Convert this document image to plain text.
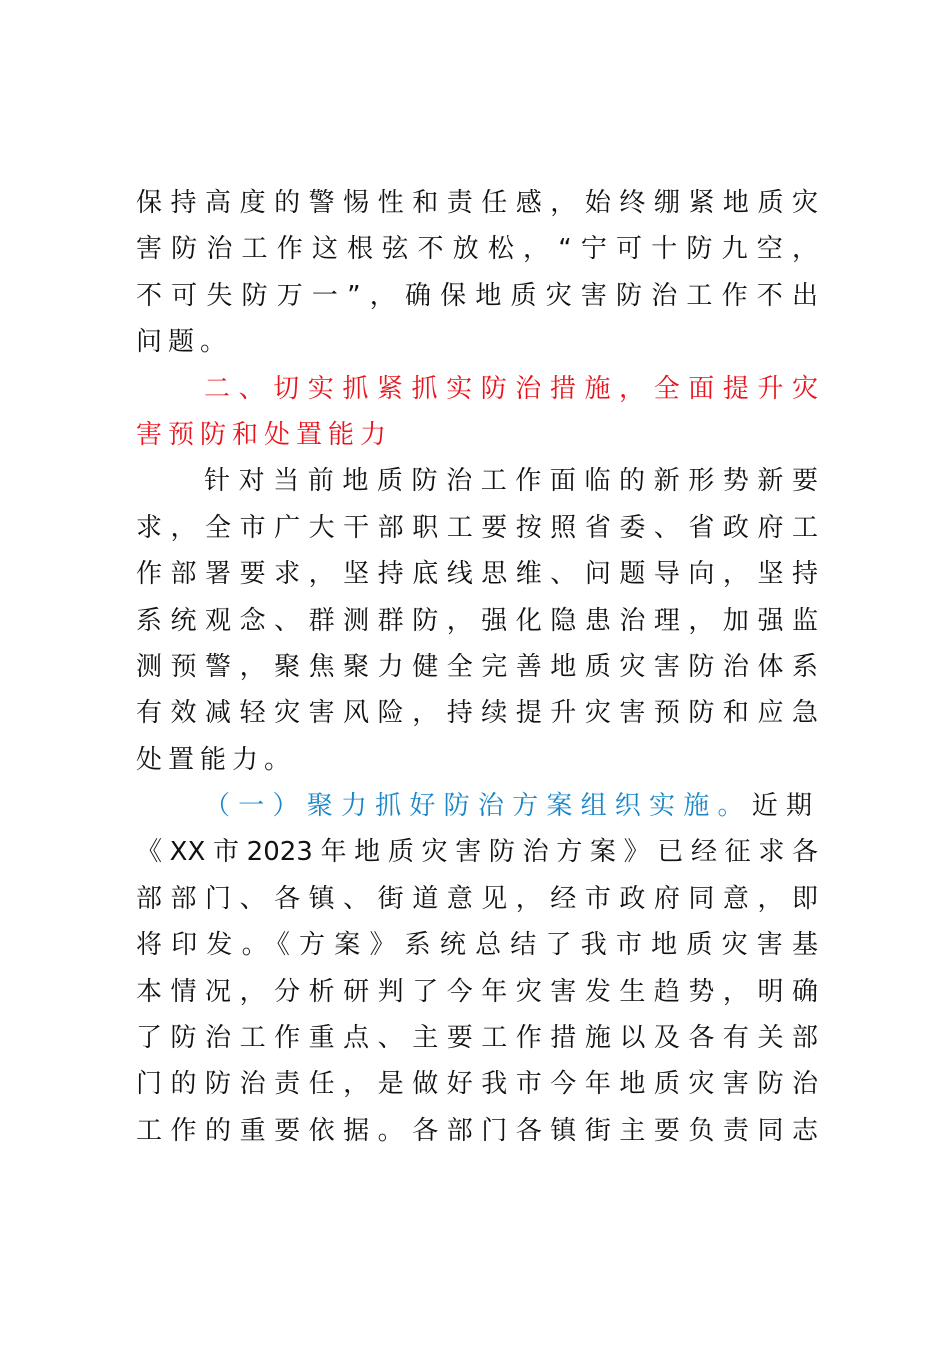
保持高度的警惕性和责任感，始终绷紧地质灾
害防治工作这根弦不放松，“宁可十防九空，
不可失防万一”，确保地质灾害防治工作不出
问题。
二、切实抓紧抓实防治措施，全面提升灾
害预防和处置能力
针对当前地质防治工作面临的新形势新要
求，全市广大干部职工要按照省委、省政府工
作部署要求，坚持底线思维、问题导向，坚持
系统观念、群测群防，强化隐患治理，加强监
测预警，聚焦聚力健全完善地质灾害防治体系
有效减轻灾害风险，持续提升灾害预防和应急
处置能力。
（一）聚力抓好防治方案组织实施。近期
《XX市2023年地质灾害防治方案》已经征求各
部部门、各镇、街道意见，经市政府同意，即
将印发。《方案》系统总结了我市地质灾害基
本情况，分析研判了今年灾害发生趋势，明确
了防治工作重点、主要工作措施以及各有关部
门的防治责任，是做好我市今年地质灾害防治
工作的重要依据。各部门各镇街主要负责同志
